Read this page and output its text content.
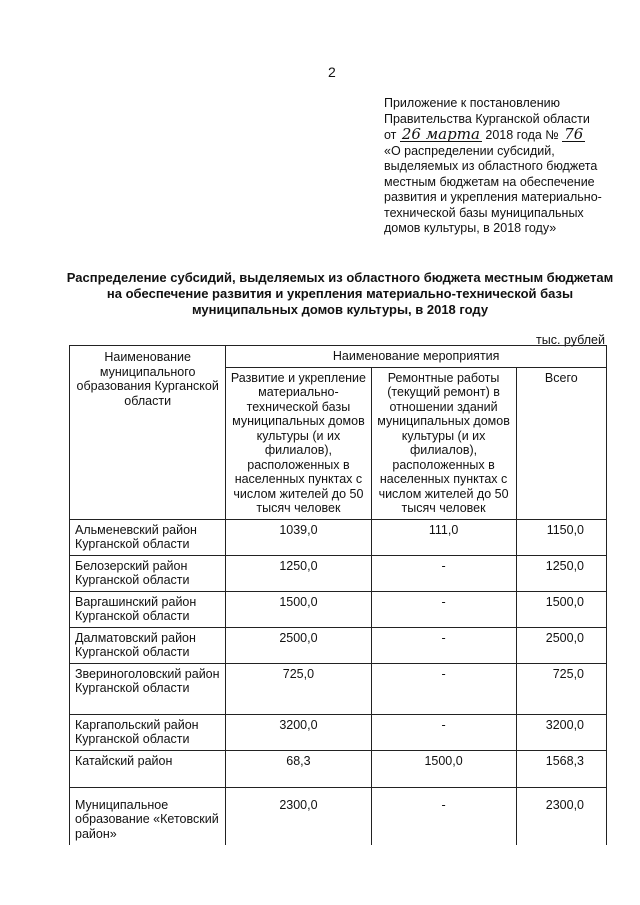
2
Приложение к постановлению
Правительства Курганской области
от 26 марта 2018 года № 76
«О распределении субсидий, выделяемых из областного бюджета местным бюджетам на обеспечение развития и укрепления материально-технической базы муниципальных домов культуры, в 2018 году»
Распределение субсидий, выделяемых из областного бюджета местным бюджетам на обеспечение развития и укрепления материально-технической базы муниципальных домов культуры, в 2018 году
тыс. рублей
Наименование муниципального образования Курганской области	Наименование мероприятия		
	Развитие и укрепление материально-технической базы муниципальных домов культуры (и их филиалов), расположенных в населенных пунктах с числом жителей до 50 тысяч человек	Ремонтные работы (текущий ремонт) в отношении зданий муниципальных домов культуры (и их филиалов), расположенных в населенных пунктах с числом жителей до 50 тысяч человек	Всего
Альменевский район Курганской области	1039,0	111,0	1150,0
Белозерский район Курганской области	1250,0	-	1250,0
Варгашинский район Курганской области	1500,0	-	1500,0
Далматовский район Курганской области	2500,0	-	2500,0
Звериноголовский район Курганской области	725,0	-	725,0
Каргапольский район Курганской области	3200,0	-	3200,0
Катайский район	68,3	1500,0	1568,3
Муниципальное образование «Кетовский район»	2300,0	-	2300,0
